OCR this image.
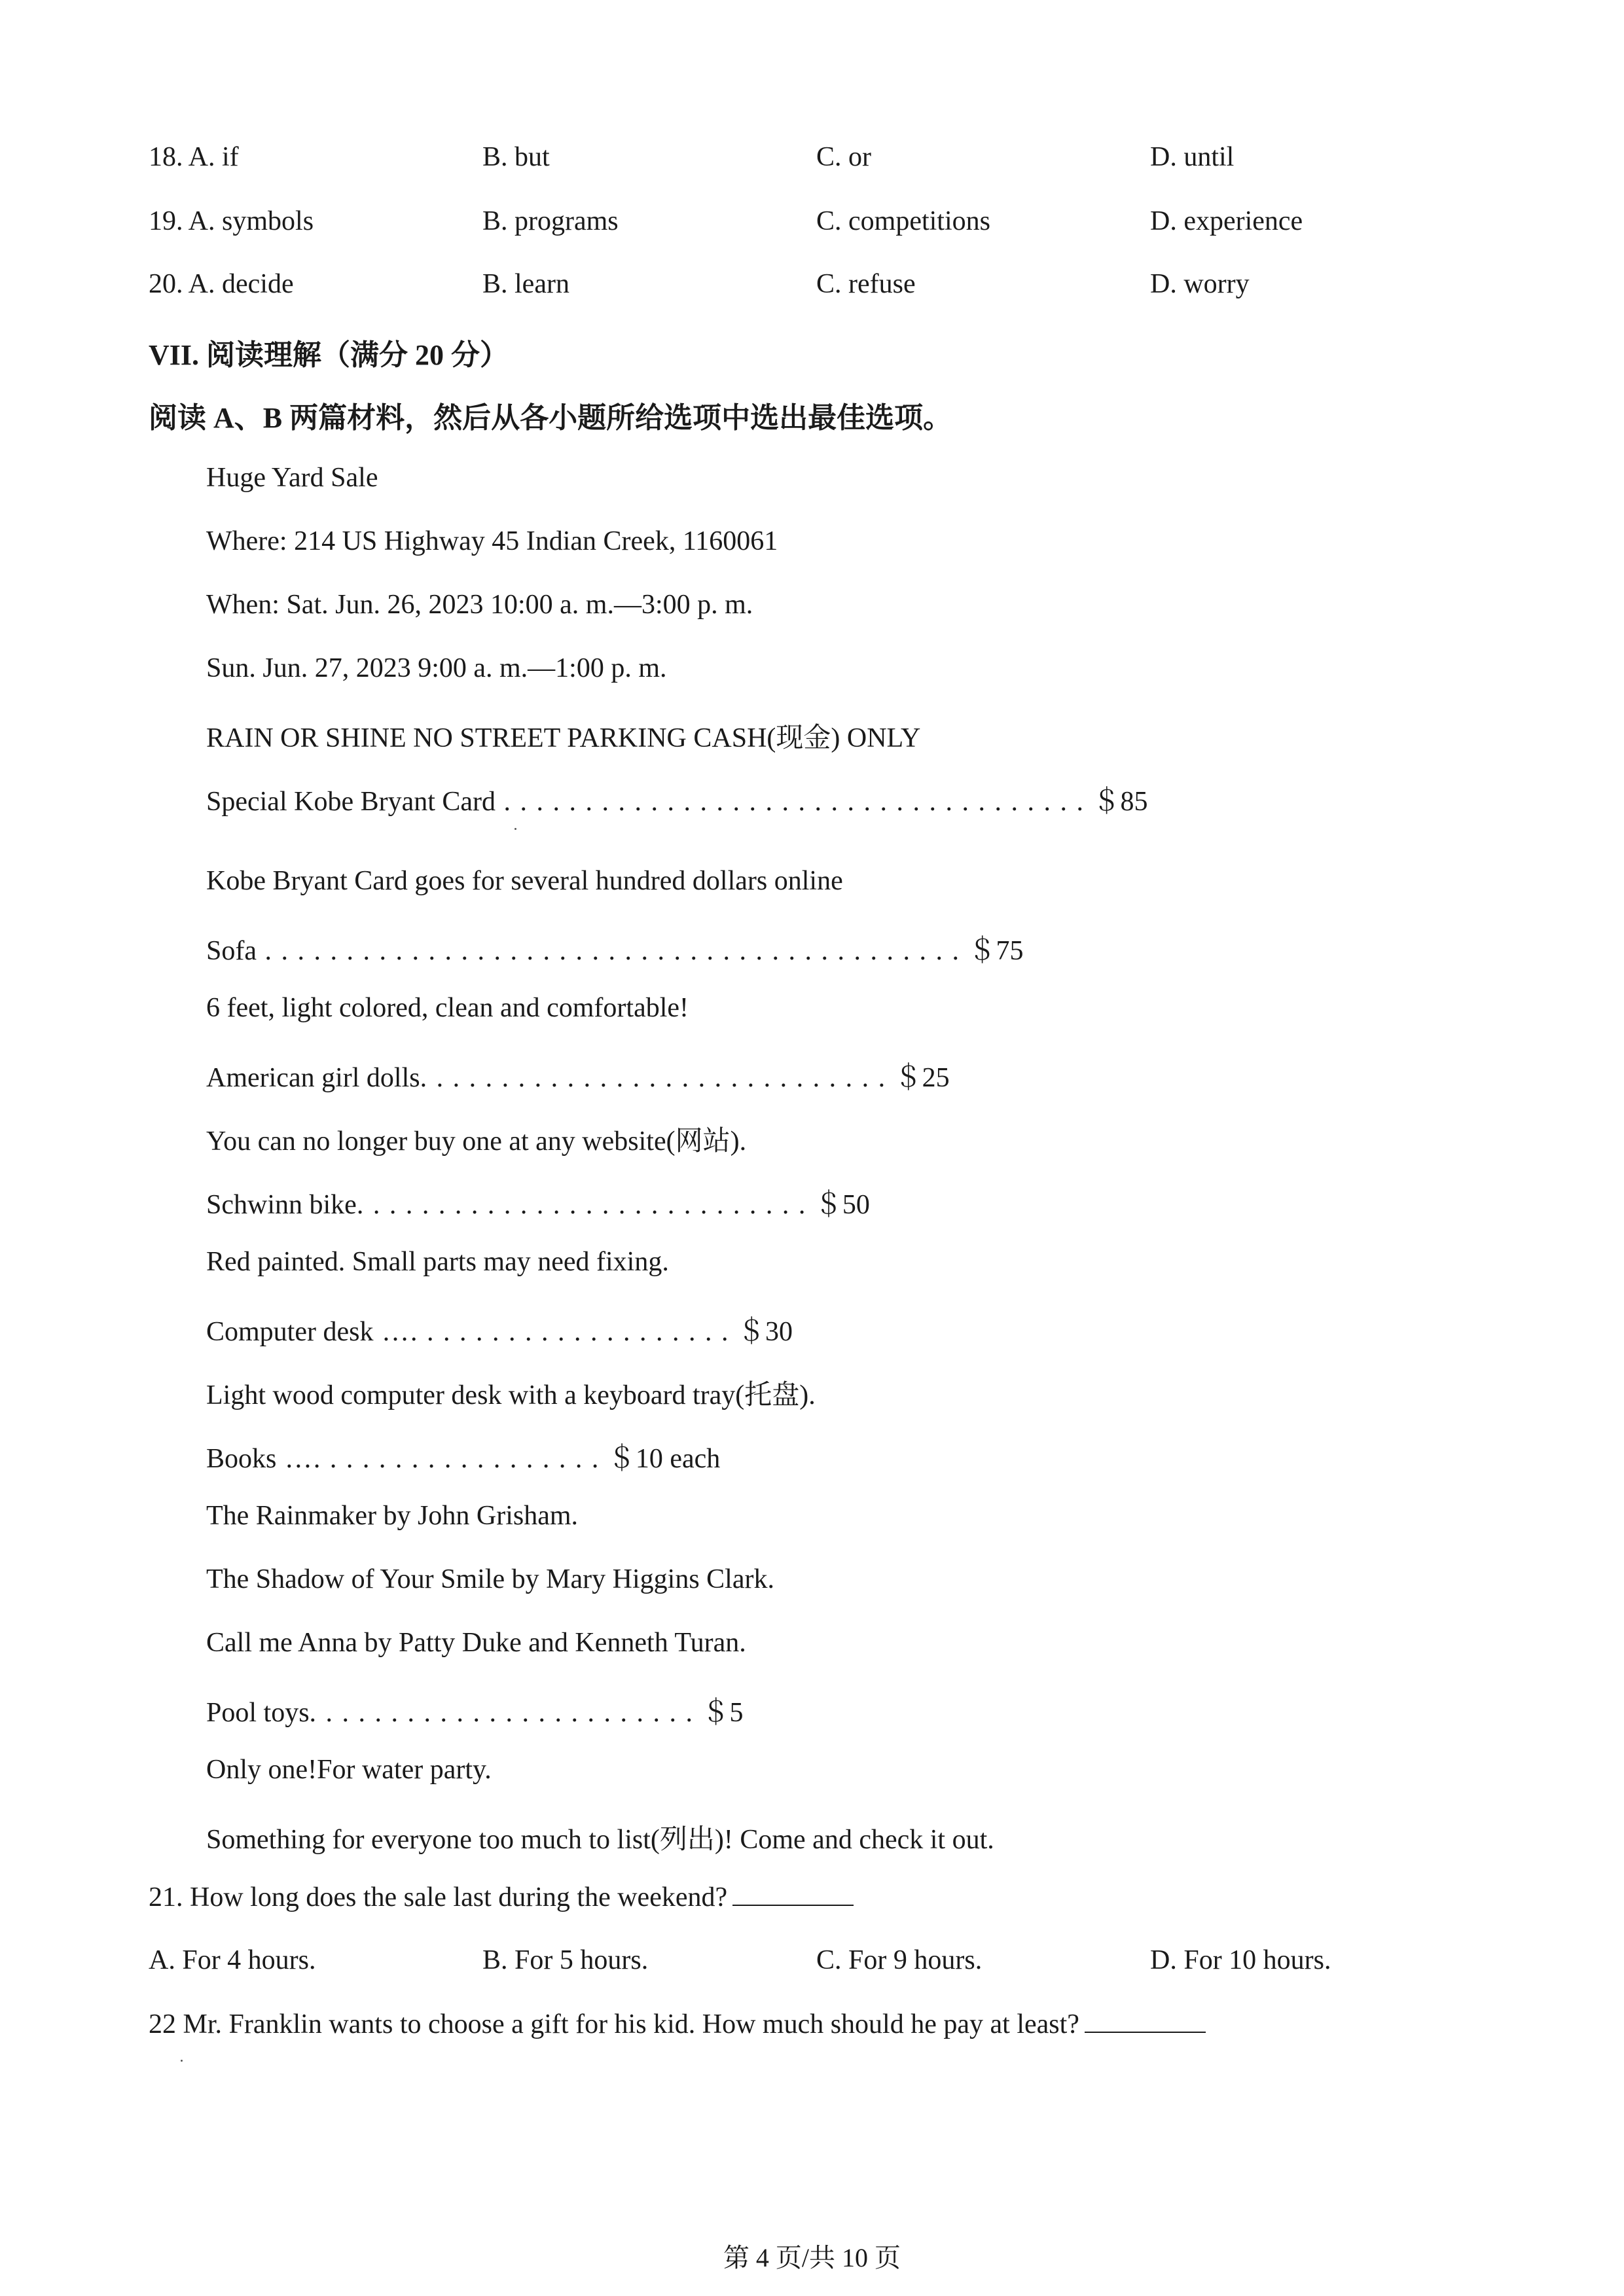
18. A. if	B. but	C. or	D. until
19. A. symbols	B. programs	C. competitions	D. experience
20. A. decide	B. learn	C. refuse	D. worry
VII. 阅读理解（满分 20 分）
阅读 A、B 两篇材料，然后从各小题所给选项中选出最佳选项。
Huge Yard Sale
Where: 214 US Highway 45 Indian Creek, 1160061
When: Sat. Jun. 26, 2023 10:00 a. m.—3:00 p. m.
Sun. Jun. 27, 2023 9:00 a. m.—1:00 p. m.
RAIN OR SHINE NO STREET PARKING CASH(现金) ONLY
Special Kobe Bryant Card . . . . . . . . . . . . . . . . . . . . . . . . . . . . . . . . . . . . ＄85
Kobe Bryant Card goes for several hundred dollars online
Sofa . . . . . . . . . . . . . . . . . . . . . . . . . . . . . . . . . . . . . . . . . . . ＄75
6 feet, light colored, clean and comfortable!
American girl dolls. . . . . . . . . . . . . . . . . . . . . . . . . . . . . ＄25
You can no longer buy one at any website(网站).
Schwinn bike. . . . . . . . . . . . . . . . . . . . . . . . . . . . ＄50
Red painted. Small parts may need fixing.
Computer desk …. . . . . . . . . . . . . . . . . . . . ＄30
Light wood computer desk with a keyboard tray(托盘).
Books …. . . . . . . . . . . . . . . . . . ＄10 each
The Rainmaker by John Grisham.
The Shadow of Your Smile by Mary Higgins Clark.
Call me Anna by Patty Duke and Kenneth Turan.
Pool toys. . . . . . . . . . . . . . . . . . . . . . . . ＄5
Only one!For water party.
Something for everyone too much to list(列出)! Come and check it out.
21. How long does the sale last during the weekend?
A. For 4 hours.	B. For 5 hours.	C. For 9 hours.	D. For 10 hours.
22 Mr. Franklin wants to choose a gift for his kid. How much should he pay at least?
第 4 页/共 10 页
